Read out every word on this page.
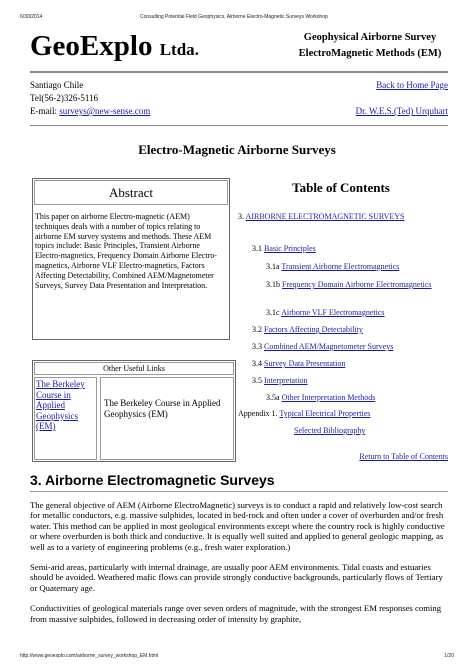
6/30/2014	Consulting Potential Field Geophysics, Airborne Electro-Magnetic Surveys Workshop
GeoExplo Ltda.
Geophysical Airborne Survey
ElectroMagnetic Methods (EM)
Santiago Chile
Tel(56-2)326-5116
E-mail: surveys@new-sense.com
Back to Home Page
Dr. W.E.S.(Ted) Urquhart
Electro-Magnetic Airborne Surveys
Abstract
This paper on airborne Electro-magnetic (AEM) techniques deals with a number of topics relating to airborne EM survey systems and methods. These AEM topics include: Basic Principles, Transient Airborne Electro-magnetics, Frequency Domain Airborne Electro-magnetics, Airborne VLF Electro-magnetics, Factors Affecting Detectability, Combined AEM/Magnetometer Surveys, Survey Data Presentation and Interpretation.
Other Useful Links
The Berkeley Course in Applied Geophysics (EM)
The Berkeley Course in Applied Geophysics (EM)
Table of Contents
3. AIRBORNE ELECTROMAGNETIC SURVEYS
3.1 Basic Principles
3.1a Transient Airborne Electromagnetics
3.1b Frequency Domain Airborne Electromagnetics
3.1c Airborne VLF Electromagnetics
3.2 Factors Affecting Detectability
3.3 Combined AEM/Magnetometer Surveys
3.4 Survey Data Presentation
3.5 Interpretation
3.5a Other Interpretation Methods
Appendix 1. Typical Electrical Properties
Selected Bibliography
Return to Table of Contents
3. Airborne Electromagnetic Surveys

The general objective of AEM (Airborne ElectroMagnetic) surveys is to conduct a rapid and relatively low-cost search for metallic conductors, e.g. massive sulphides, located in bed-rock and often under a cover of overburden and/or fresh water. This method can be applied in most geological environments except where the country rock is highly conductive or where overburden is both thick and conductive. It is equally well suited and applied to general geologic mapping, as well as to a variety of engineering problems (e.g., fresh water exploration.)

Semi-arid areas, particularly with internal drainage, are usually poor AEM environments. Tidal coasts and estuaries should be avoided. Weathered mafic flows can provide strongly conductive backgrounds, particularly flows of Tertiary or Quaternary age.

Conductivities of geological materials range over seven orders of magnitude, with the strongest EM responses coming from massive sulphides, followed in decreasing order of intensity by graphite,

http://www.geoexplo.com/airborne_survey_workshop_EM.html	1/20
